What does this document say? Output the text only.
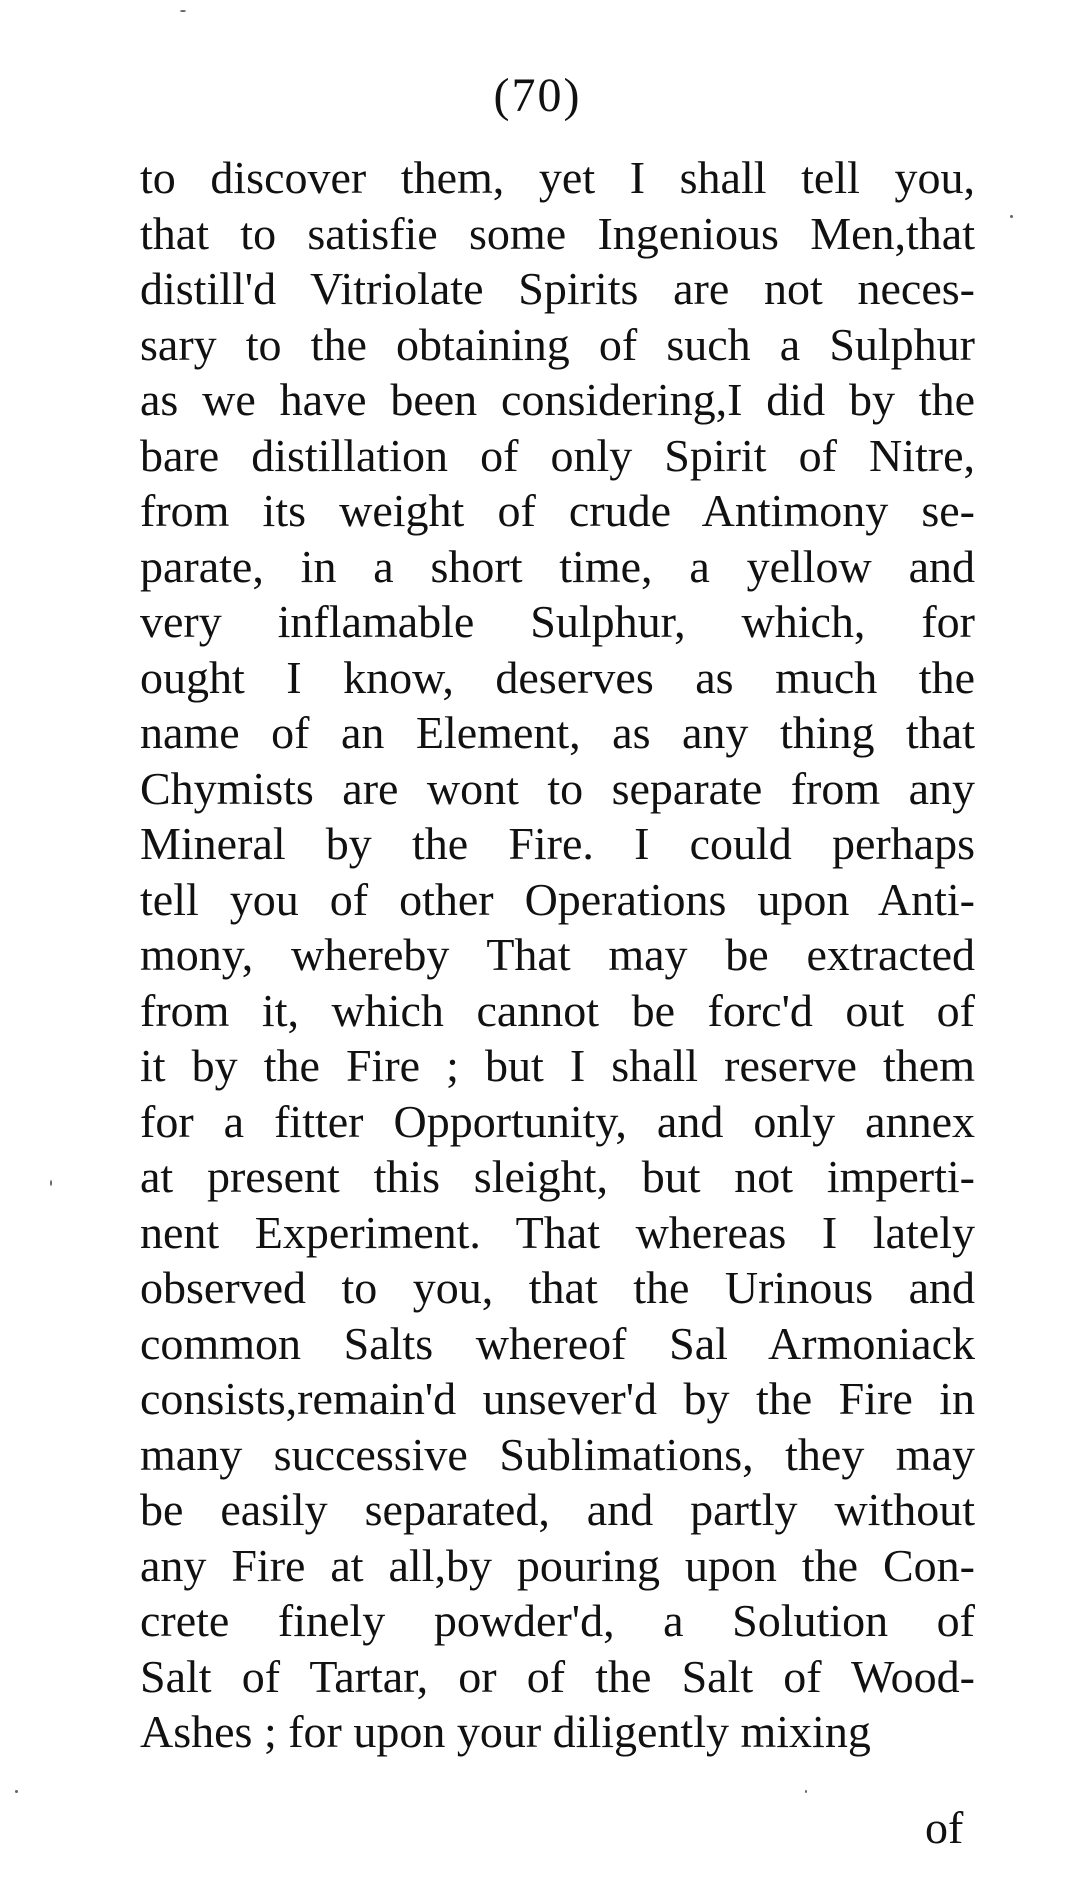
(70)
to discover them, yet I shall tell you,
that to satisfie some Ingenious Men,that
distill'd Vitriolate Spirits are not neces-
sary to the obtaining of such a Sulphur
as we have been considering,I did by the
bare distillation of only Spirit of Nitre,
from its weight of crude Antimony se-
parate, in a short time, a yellow and
very inflamable Sulphur, which, for
ought I know, deserves as much the
name of an Element, as any thing that
Chymists are wont to separate from any
Mineral by the Fire. I could perhaps
tell you of other Operations upon Anti-
mony, whereby That may be extracted
from it, which cannot be forc'd out of
it by the Fire ; but I shall reserve them
for a fitter Opportunity, and only annex
at present this sleight, but not imperti-
nent Experiment. That whereas I lately
observed to you, that the Urinous and
common Salts whereof Sal Armoniack
consists,remain'd unsever'd by the Fire in
many successive Sublimations, they may
be easily separated, and partly without
any Fire at all,by pouring upon the Con-
crete finely powder'd, a Solution of
Salt of Tartar, or of the Salt of Wood-
Ashes ; for upon your diligently mixing
of
